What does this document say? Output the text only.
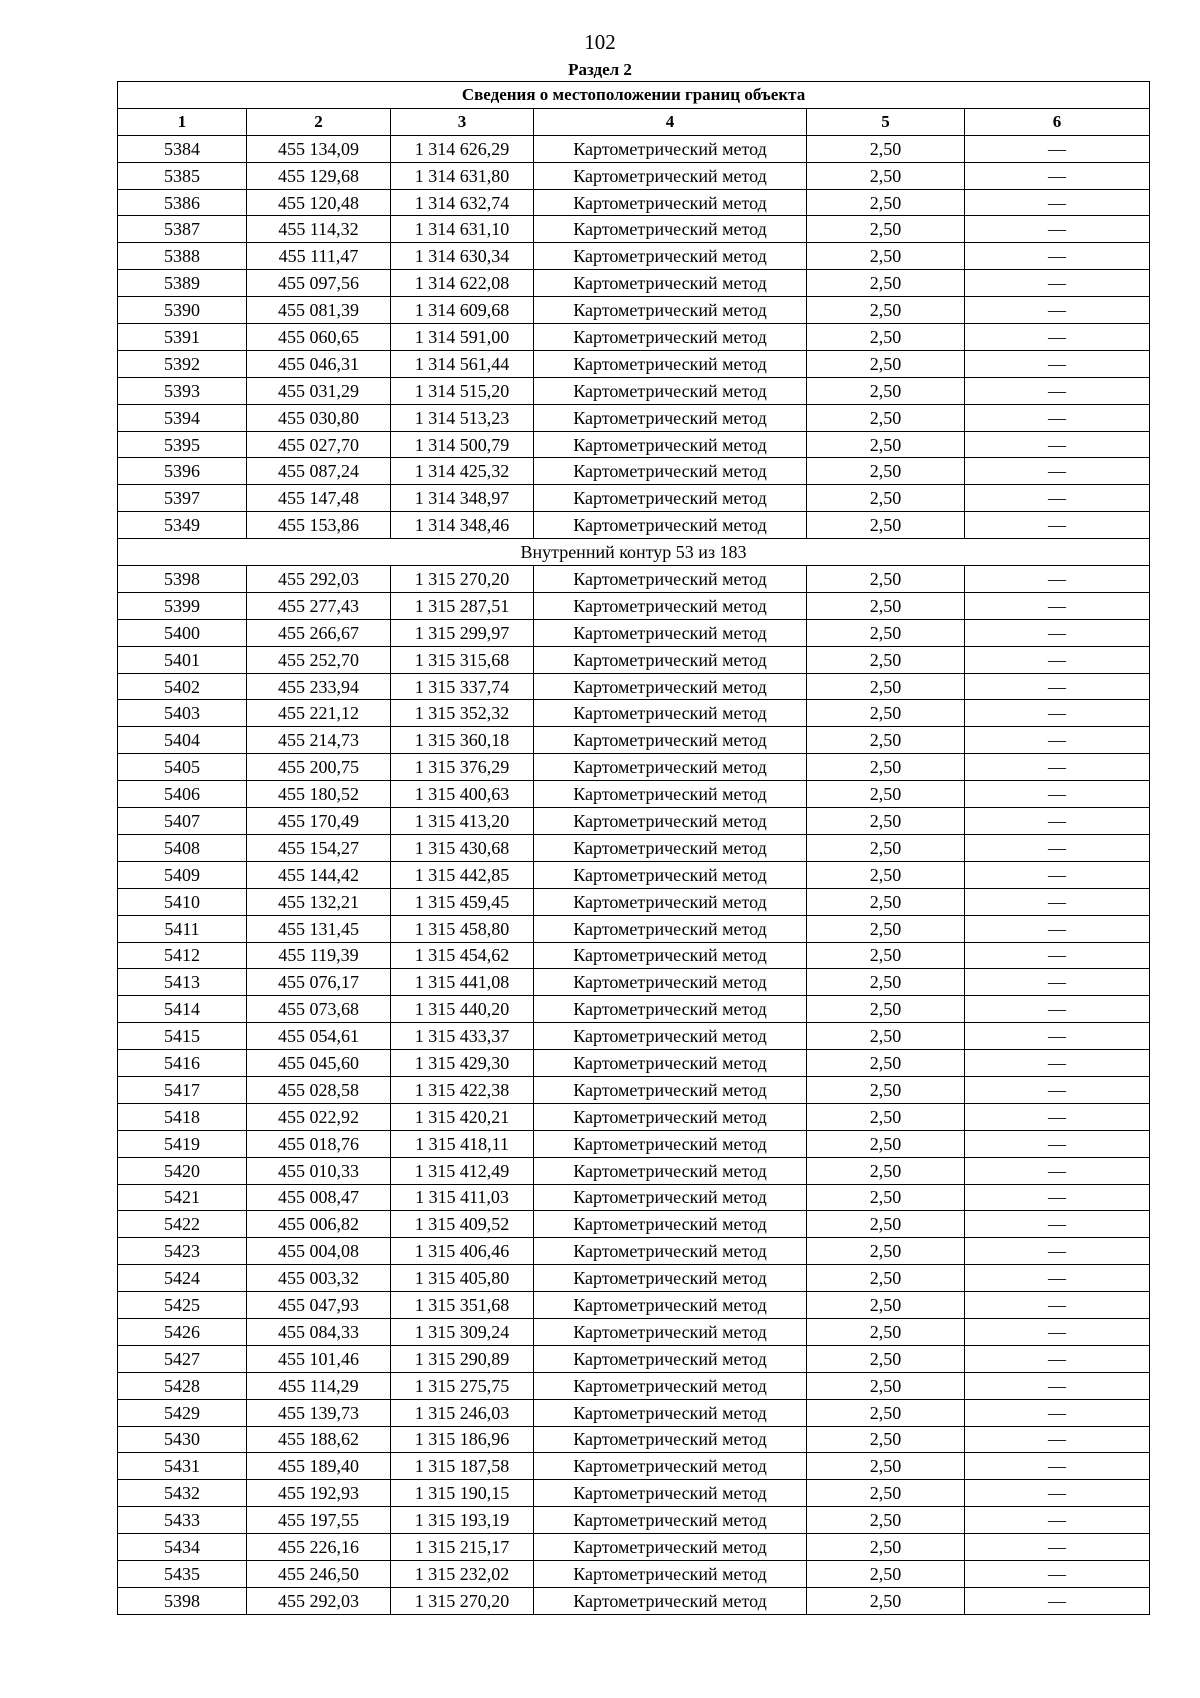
102
Раздел 2
Сведения о местоположении границ объекта					
1	2	3	4	5	6
5384	455 134,09	1 314 626,29	Картометрический метод	2,50	—
5385	455 129,68	1 314 631,80	Картометрический метод	2,50	—
5386	455 120,48	1 314 632,74	Картометрический метод	2,50	—
5387	455 114,32	1 314 631,10	Картометрический метод	2,50	—
5388	455 111,47	1 314 630,34	Картометрический метод	2,50	—
5389	455 097,56	1 314 622,08	Картометрический метод	2,50	—
5390	455 081,39	1 314 609,68	Картометрический метод	2,50	—
5391	455 060,65	1 314 591,00	Картометрический метод	2,50	—
5392	455 046,31	1 314 561,44	Картометрический метод	2,50	—
5393	455 031,29	1 314 515,20	Картометрический метод	2,50	—
5394	455 030,80	1 314 513,23	Картометрический метод	2,50	—
5395	455 027,70	1 314 500,79	Картометрический метод	2,50	—
5396	455 087,24	1 314 425,32	Картометрический метод	2,50	—
5397	455 147,48	1 314 348,97	Картометрический метод	2,50	—
5349	455 153,86	1 314 348,46	Картометрический метод	2,50	—
Внутренний контур 53 из 183					
5398	455 292,03	1 315 270,20	Картометрический метод	2,50	—
5399	455 277,43	1 315 287,51	Картометрический метод	2,50	—
5400	455 266,67	1 315 299,97	Картометрический метод	2,50	—
5401	455 252,70	1 315 315,68	Картометрический метод	2,50	—
5402	455 233,94	1 315 337,74	Картометрический метод	2,50	—
5403	455 221,12	1 315 352,32	Картометрический метод	2,50	—
5404	455 214,73	1 315 360,18	Картометрический метод	2,50	—
5405	455 200,75	1 315 376,29	Картометрический метод	2,50	—
5406	455 180,52	1 315 400,63	Картометрический метод	2,50	—
5407	455 170,49	1 315 413,20	Картометрический метод	2,50	—
5408	455 154,27	1 315 430,68	Картометрический метод	2,50	—
5409	455 144,42	1 315 442,85	Картометрический метод	2,50	—
5410	455 132,21	1 315 459,45	Картометрический метод	2,50	—
5411	455 131,45	1 315 458,80	Картометрический метод	2,50	—
5412	455 119,39	1 315 454,62	Картометрический метод	2,50	—
5413	455 076,17	1 315 441,08	Картометрический метод	2,50	—
5414	455 073,68	1 315 440,20	Картометрический метод	2,50	—
5415	455 054,61	1 315 433,37	Картометрический метод	2,50	—
5416	455 045,60	1 315 429,30	Картометрический метод	2,50	—
5417	455 028,58	1 315 422,38	Картометрический метод	2,50	—
5418	455 022,92	1 315 420,21	Картометрический метод	2,50	—
5419	455 018,76	1 315 418,11	Картометрический метод	2,50	—
5420	455 010,33	1 315 412,49	Картометрический метод	2,50	—
5421	455 008,47	1 315 411,03	Картометрический метод	2,50	—
5422	455 006,82	1 315 409,52	Картометрический метод	2,50	—
5423	455 004,08	1 315 406,46	Картометрический метод	2,50	—
5424	455 003,32	1 315 405,80	Картометрический метод	2,50	—
5425	455 047,93	1 315 351,68	Картометрический метод	2,50	—
5426	455 084,33	1 315 309,24	Картометрический метод	2,50	—
5427	455 101,46	1 315 290,89	Картометрический метод	2,50	—
5428	455 114,29	1 315 275,75	Картометрический метод	2,50	—
5429	455 139,73	1 315 246,03	Картометрический метод	2,50	—
5430	455 188,62	1 315 186,96	Картометрический метод	2,50	—
5431	455 189,40	1 315 187,58	Картометрический метод	2,50	—
5432	455 192,93	1 315 190,15	Картометрический метод	2,50	—
5433	455 197,55	1 315 193,19	Картометрический метод	2,50	—
5434	455 226,16	1 315 215,17	Картометрический метод	2,50	—
5435	455 246,50	1 315 232,02	Картометрический метод	2,50	—
5398	455 292,03	1 315 270,20	Картометрический метод	2,50	—
